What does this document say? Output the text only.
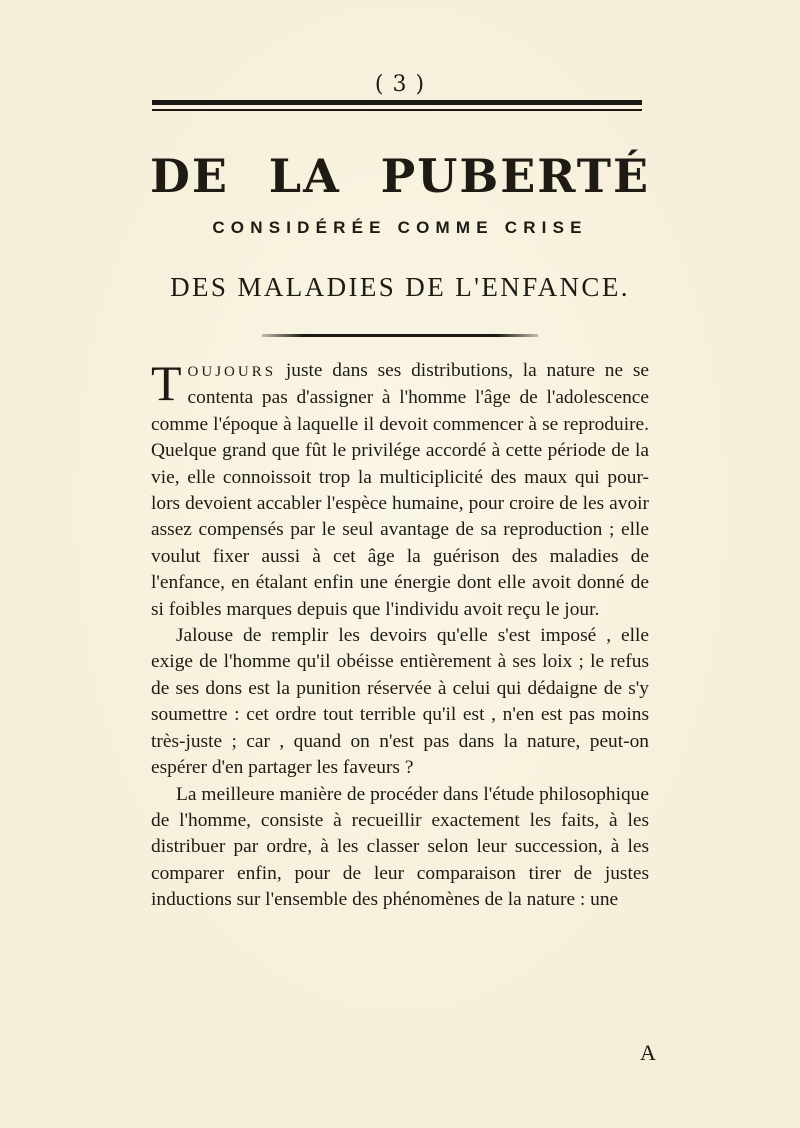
( 3 )
DE LA PUBERTÉ
CONSIDÉRÉE COMME CRISE
DES MALADIES DE L'ENFANCE.

TOUJOURS juste dans ses distributions, la nature ne se contenta pas d'assigner à l'homme l'âge de l'adolescence comme l'époque à laquelle il devoit commencer à se reproduire. Quelque grand que fût le privilége accordé à cette période de la vie, elle connoissoit trop la multiciplicité des maux qui pour-lors devoient accabler l'espèce humaine, pour croire de les avoir assez compensés par le seul avantage de sa reproduction ; elle voulut fixer aussi à cet âge la guérison des maladies de l'enfance, en étalant enfin une énergie dont elle avoit donné de si foibles marques depuis que l'individu avoit reçu le jour.

Jalouse de remplir les devoirs qu'elle s'est imposé , elle exige de l'homme qu'il obéisse entièrement à ses loix ; le refus de ses dons est la punition réservée à celui qui dédaigne de s'y soumettre : cet ordre tout terrible qu'il est , n'en est pas moins très-juste ; car , quand on n'est pas dans la nature, peut-on espérer d'en partager les faveurs ?

La meilleure manière de procéder dans l'étude philosophique de l'homme, consiste à recueillir exactement les faits, à les distribuer par ordre, à les classer selon leur succession, à les comparer enfin, pour de leur comparaison tirer de justes inductions sur l'ensemble des phénomènes de la nature : une

A
